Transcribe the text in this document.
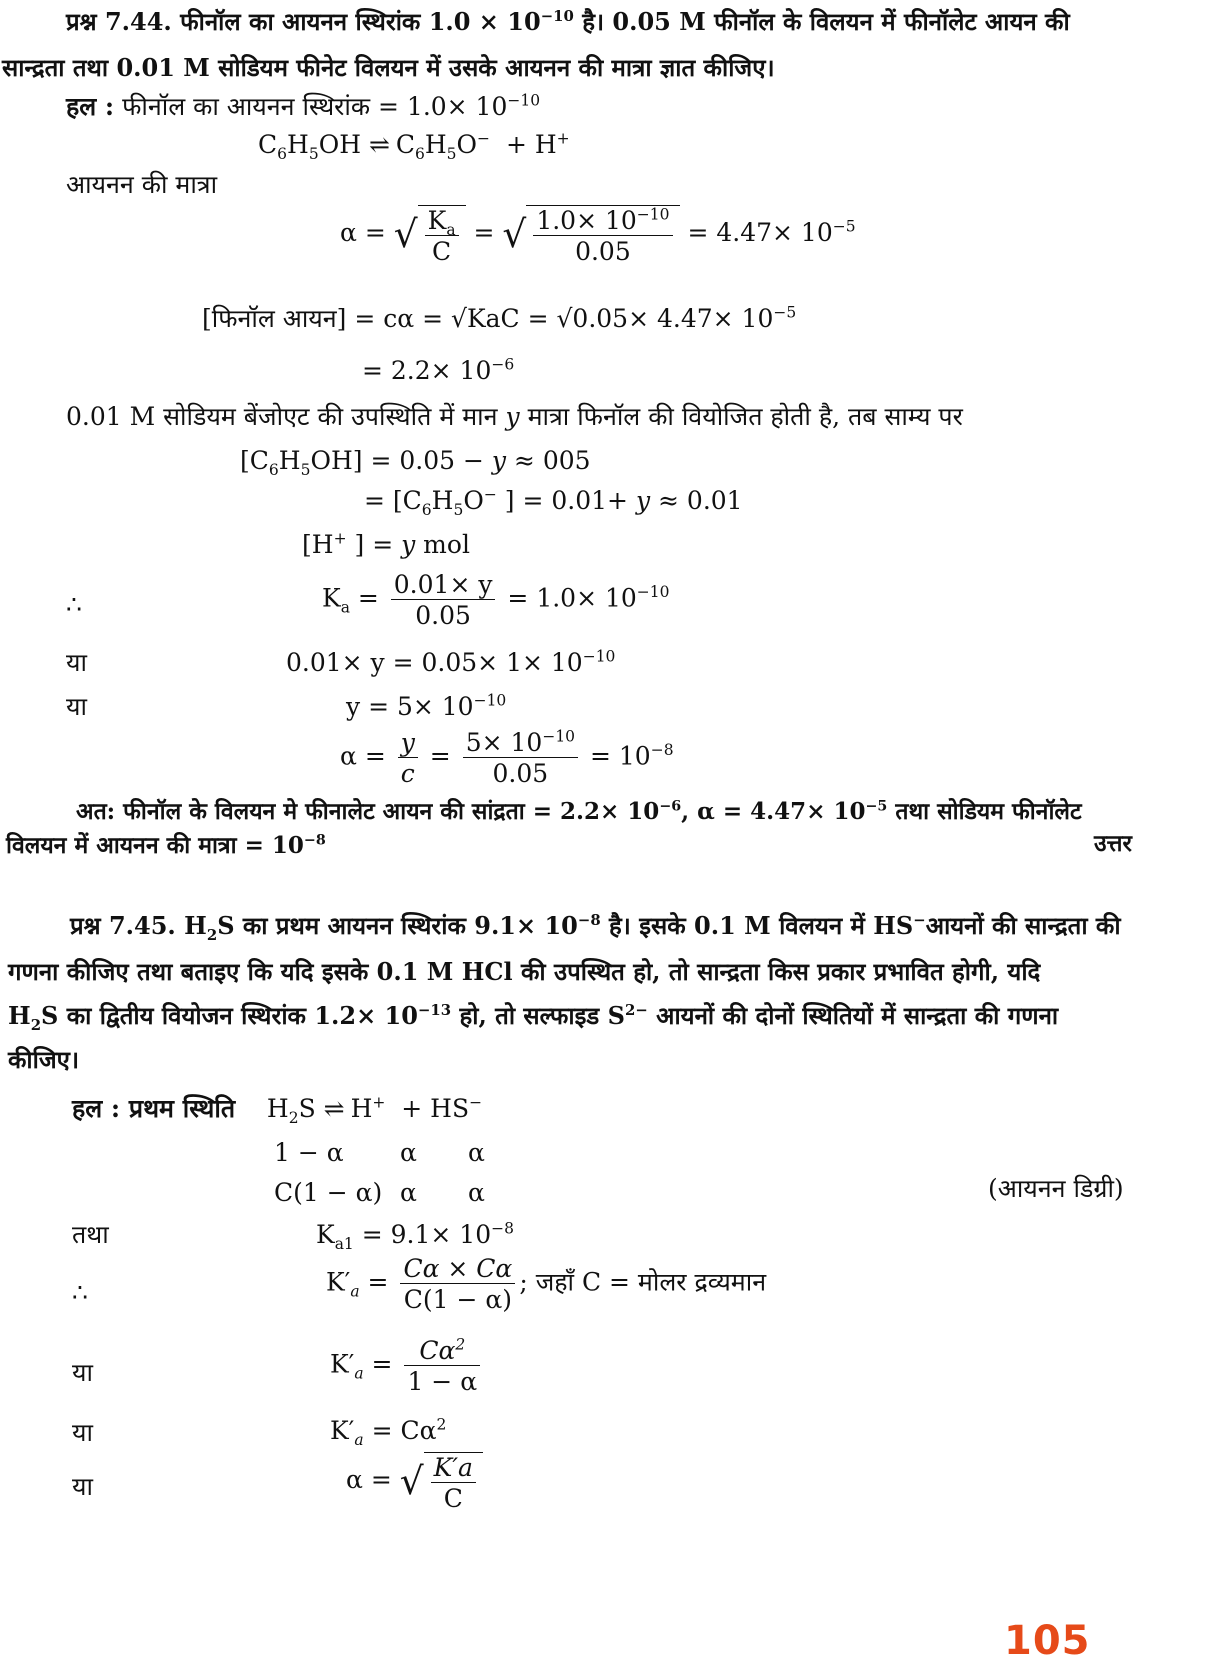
प्रश्न 7.44. फीनॉल का आयनन स्थिरांक $1.0 \times 10^{-10}$ है। 0.05 M फीनॉल के विलयन में फीनॉलेट आयन की
सान्द्रता तथा 0.01 M सोडियम फीनेट विलयन में उसके आयनन की मात्रा ज्ञात कीजिए।
हल : फीनॉल का आयनन स्थिरांक = $1.0\times 10^{-10}$
$C_6H_5OH$ ⇌ $C_6H_5O^- + H^+$
आयनन की मात्रा
α = √ $\frac{K_a}{C}$ = √ $\frac{1.0\times 10^{-10}}{0.05} = 4.47\times 10^{-5}$
[फिनॉल आयन] = $c\alpha = √KaC = √0.05\times 4.47\times 10^{-5}$
= $2.2\times 10^{-6}$
0.01 M सोडियम बेंजोएट की उपस्थिति में मान y मात्रा फिनॉल की वियोजित होती है, तब साम्य पर
$[C_6H_5OH] = 0.05 - y \approx 005$
= [$C_6H_5O^-$ ] = 0.01+ y ≈ 0.01
[H+ ] = y mol
∴	$K_a = \frac{0.01\times y}{0.05} = 1.0\times 10^{-10}$
या	$0.01\times y = 0.05\times 1\times 10^{-10}$
या	$y = 5\times 10^{-10}$
$\alpha = \frac{y}{c} = \frac{5\times 10^{-10}}{0.05} = 10^{-8}$
अत: फीनॉल के विलयन मे फीनालेट आयन की सांद्रता = $2.2\times 10^{-6}$, $\alpha = 4.47\times 10^{-5}$ तथा सोडियम फीनॉलेट
विलयन में आयनन की मात्रा = $10^{-8}$	उत्तर
प्रश्न 7.45. $H_2S$ का प्रथम आयनन स्थिरांक $9.1\times 10^{-8}$ है। इसके 0.1 M विलयन में HS−आयनों की सान्द्रता की
गणना कीजिए तथा बताइए कि यदि इसके 0.1 M HCl की उपस्थित हो, तो सान्द्रता किस प्रकार प्रभावित होगी, यदि
$H_2S$ का द्वितीय वियोजन स्थिरांक $1.2\times 10^{-13}$ हो, तो सल्फाइड $S^{2-}$ आयनों की दोनों स्थितियों में सान्द्रता की गणना
कीजिए।
हल : प्रथम स्थिति    $H_2S$ ⇌ H+  + HS−
1 − α α α
C(1 − α) α α	(आयनन डिग्री)
तथा	$K_{a1} = 9.1\times 10^{-8}$
∴	$K'_a = \frac{C\alpha \times C\alpha}{C(1 - \alpha)}$ ; जहाँ C = मोलर द्रव्यमान
या	$K'_a = \frac{C\alpha^2}{1 - \alpha}$
या	$K'_a = C\alpha^2$
या	α = √ $\frac{K'a}{C}$
105
